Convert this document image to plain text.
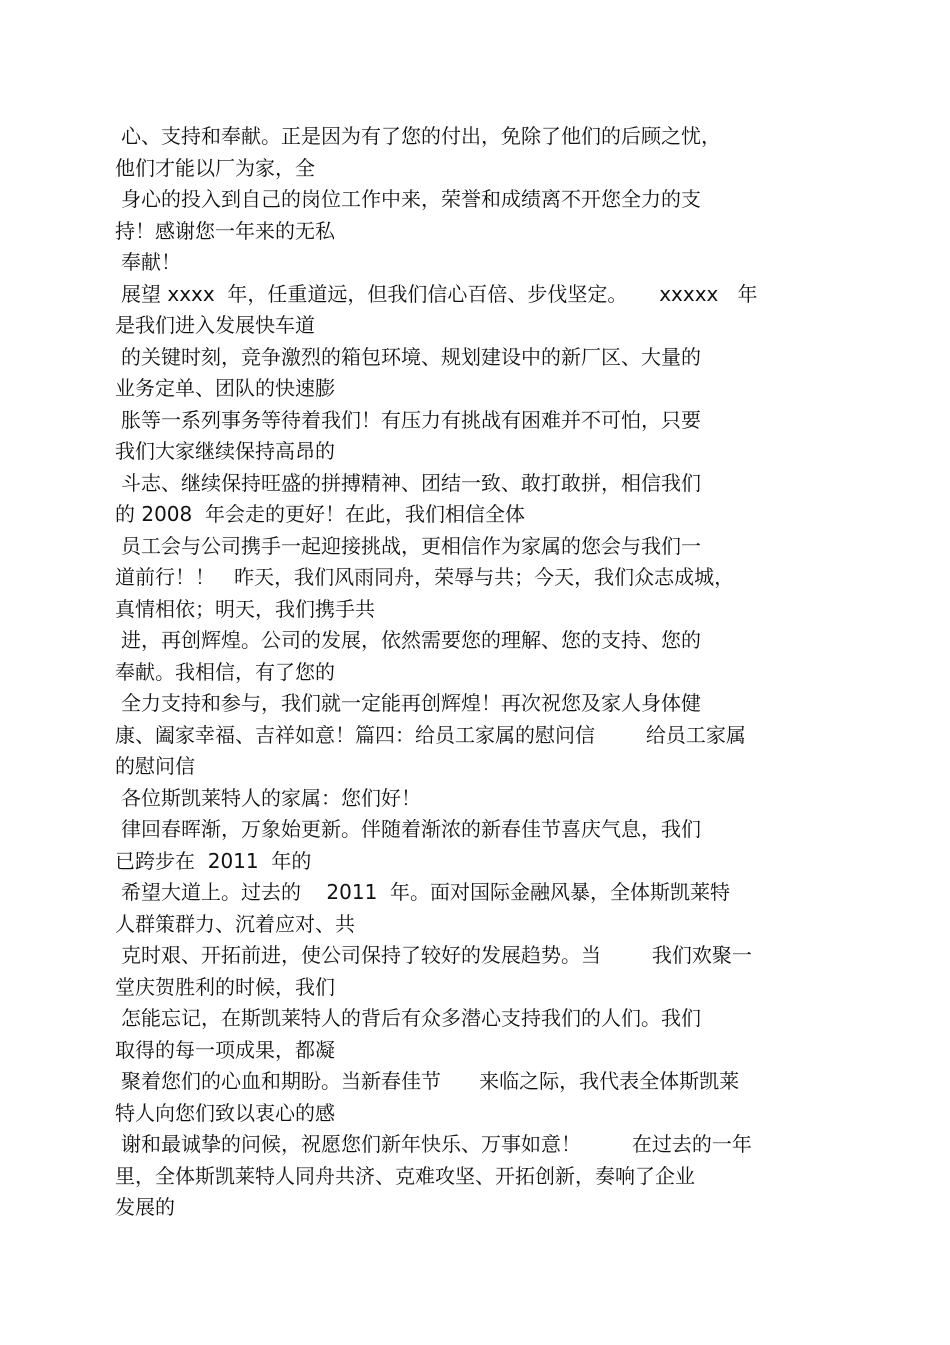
心、支持和奉献。正是因为有了您的付出，免除了他们的后顾之忧，
他们才能以厂为家，全
身心的投入到自己的岗位工作中来，荣誉和成绩离不开您全力的支
持！感谢您一年来的无私
奉献！
展望 xxxx  年，任重道远，但我们信心百倍、步伐坚定。     xxxxx   年
是我们进入发展快车道
的关键时刻，竞争激烈的箱包环境、规划建设中的新厂区、大量的
业务定单、团队的快速膨
胀等一系列事务等待着我们！有压力有挑战有困难并不可怕，只要
我们大家继续保持高昂的
斗志、继续保持旺盛的拼搏精神、团结一致、敢打敢拼，相信我们
的 2008  年会走的更好！在此，我们相信全体
员工会与公司携手一起迎接挑战，更相信作为家属的您会与我们一
道前行！！   昨天，我们风雨同舟，荣辱与共；今天，我们众志成城，
真情相依；明天，我们携手共
进，再创辉煌。公司的发展，依然需要您的理解、您的支持、您的
奉献。我相信，有了您的
全力支持和参与，我们就一定能再创辉煌！再次祝您及家人身体健
康、阖家幸福、吉祥如意！篇四：给员工家属的慰问信        给员工家属
的慰问信
各位斯凯莱特人的家属：您们好！
律回春晖渐，万象始更新。伴随着渐浓的新春佳节喜庆气息，我们
已跨步在  2011  年的
希望大道上。过去的    2011  年。面对国际金融风暴，全体斯凯莱特
人群策群力、沉着应对、共
克时艰、开拓前进，使公司保持了较好的发展趋势。当        我们欢聚一
堂庆贺胜利的时候，我们
怎能忘记，在斯凯莱特人的背后有众多潜心支持我们的人们。我们
取得的每一项成果，都凝
聚着您们的心血和期盼。当新春佳节      来临之际，我代表全体斯凯莱
特人向您们致以衷心的感
谢和最诚挚的问候，祝愿您们新年快乐、万事如意！        在过去的一年
里，全体斯凯莱特人同舟共济、克难攻坚、开拓创新，奏响了企业
发展的
